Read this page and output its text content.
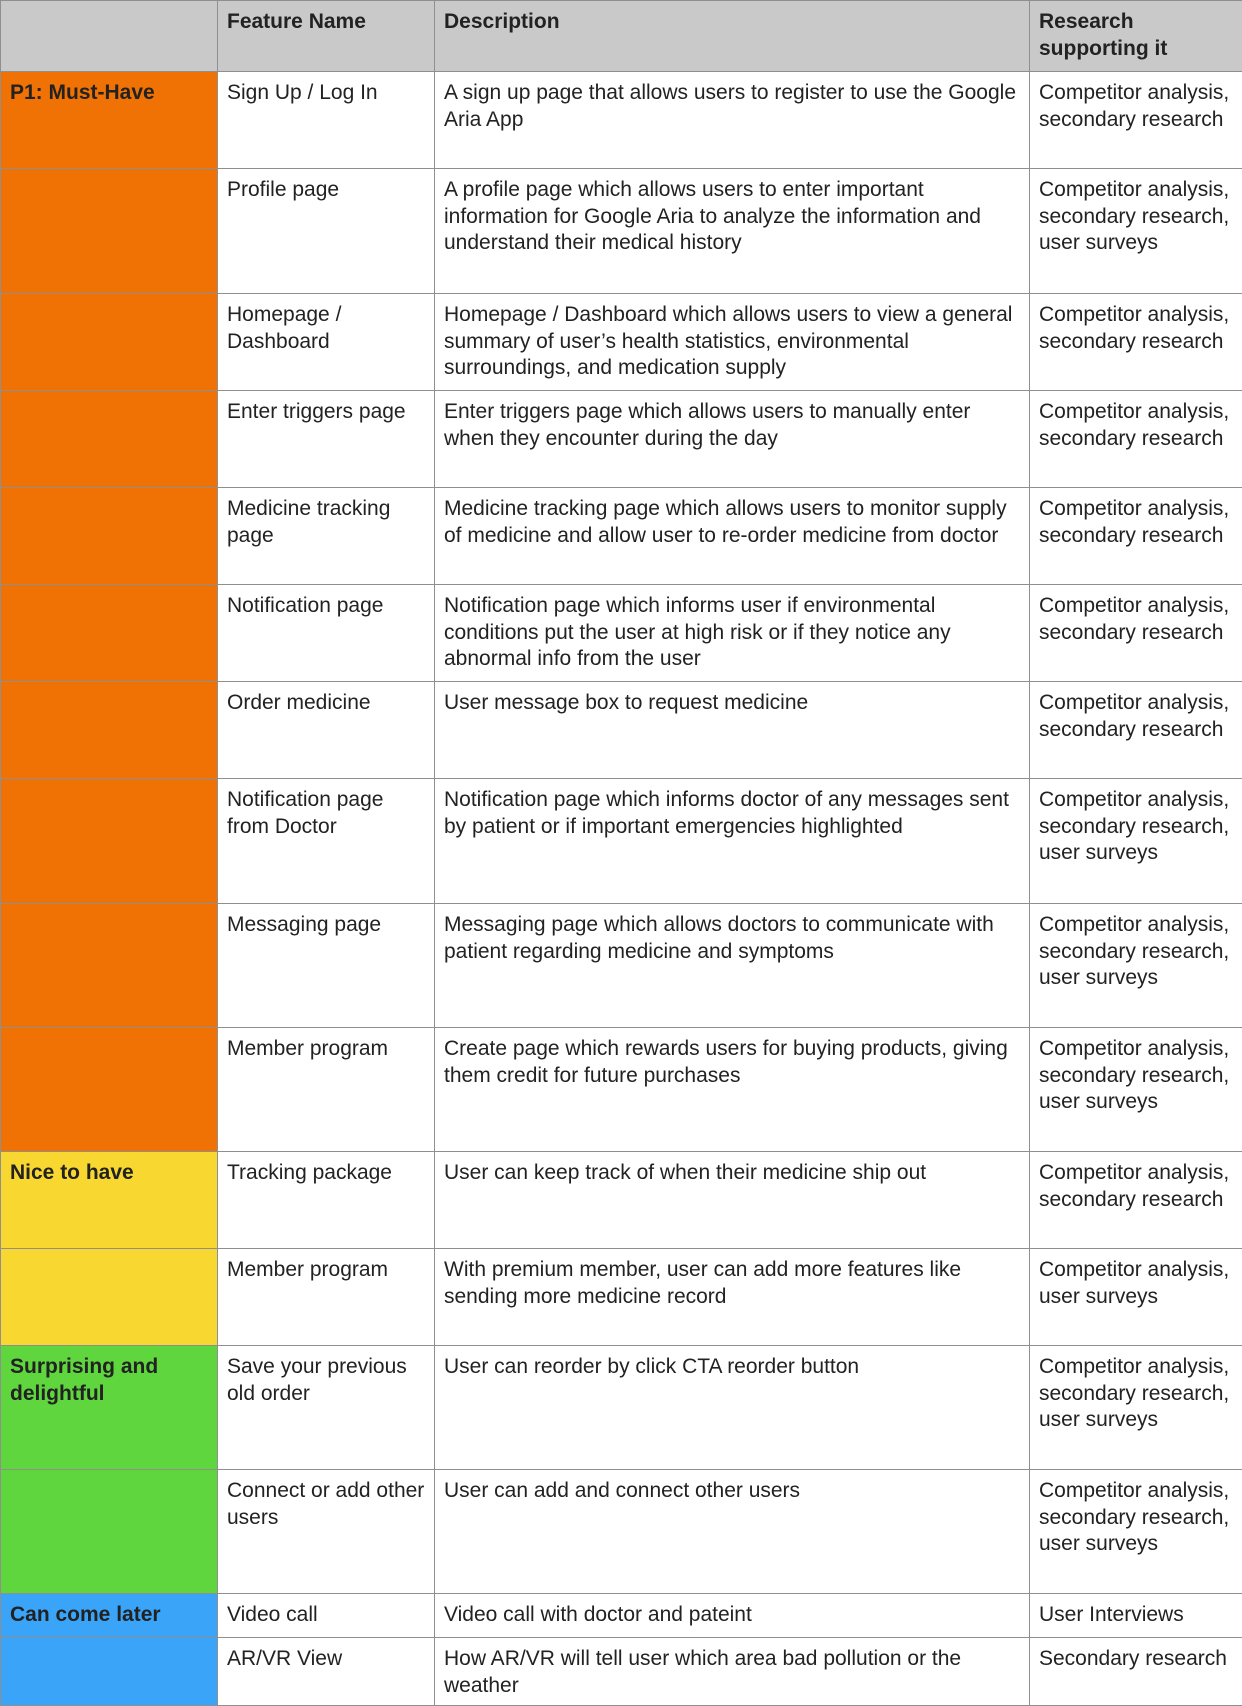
	Feature Name	Description	Research supporting it
P1: Must-Have	Sign Up / Log In	A sign up page that allows users to register to use the Google Aria App	Competitor analysis, secondary research
	Profile page	A profile page which allows users to enter important information for Google Aria to analyze the information and understand their medical history	Competitor analysis, secondary research, user surveys
	Homepage / Dashboard	Homepage / Dashboard which allows users to view a general summary of user’s health statistics, environmental surroundings, and medication supply	Competitor analysis, secondary research
	Enter triggers page	Enter triggers page which allows users to manually enter when they encounter during the day	Competitor analysis, secondary research
	Medicine tracking page	Medicine tracking page which allows users to monitor supply of medicine and allow user to re-order medicine from doctor	Competitor analysis, secondary research
	Notification page	Notification page which informs user if environmental conditions put the user at high risk or if they notice any abnormal info from the user	Competitor analysis, secondary research
	Order medicine	User message box to request medicine	Competitor analysis, secondary research
	Notification page from Doctor	Notification page which informs doctor of any messages sent by patient or if important emergencies highlighted	Competitor analysis, secondary research, user surveys
	Messaging page	Messaging page which allows doctors to communicate with patient regarding medicine and symptoms	Competitor analysis, secondary research, user surveys
	Member program	Create page which rewards users for buying products, giving them credit for future purchases	Competitor analysis, secondary research, user surveys
Nice to have	Tracking package	User can keep track of when their medicine ship out	Competitor analysis, secondary research
	Member program	With premium member, user can add more features like sending more medicine record	Competitor analysis, user surveys
Surprising and delightful	Save your previous old order	User can reorder by click CTA reorder button	Competitor analysis, secondary research, user surveys
	Connect or add other users	User can add and connect other users	Competitor analysis, secondary research, user surveys
Can come later	Video call	Video call with doctor and pateint	User Interviews
	AR/VR View	How AR/VR will tell user which area bad pollution or the weather	Secondary research
